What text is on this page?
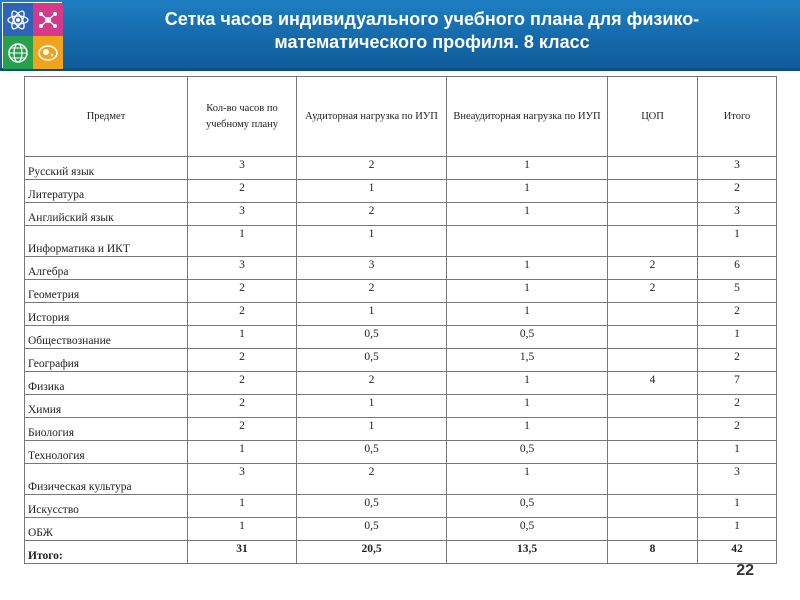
Сетка часов индивидуального учебного плана для физико-
математического профиля. 8 класс
Предмет	Кол-во часов по учебному плану	Аудиторная нагрузка по ИУП	Внеаудиторная нагрузка по ИУП	ЦОП	Итого
Русский язык	3	2	1		3
Литература	2	1	1		2
Английский язык	3	2	1		3
Информатика и ИКТ	1	1			1
Алгебра	3	3	1	2	6
Геометрия	2	2	1	2	5
История	2	1	1		2
Обществознание	1	0,5	0,5		1
География	2	0,5	1,5		2
Физика	2	2	1	4	7
Химия	2	1	1		2
Биология	2	1	1		2
Технология	1	0,5	0,5		1
Физическая культура	3	2	1		3
Искусство	1	0,5	0,5		1
ОБЖ	1	0,5	0,5		1
Итого:	31	20,5	13,5	8	42
22
